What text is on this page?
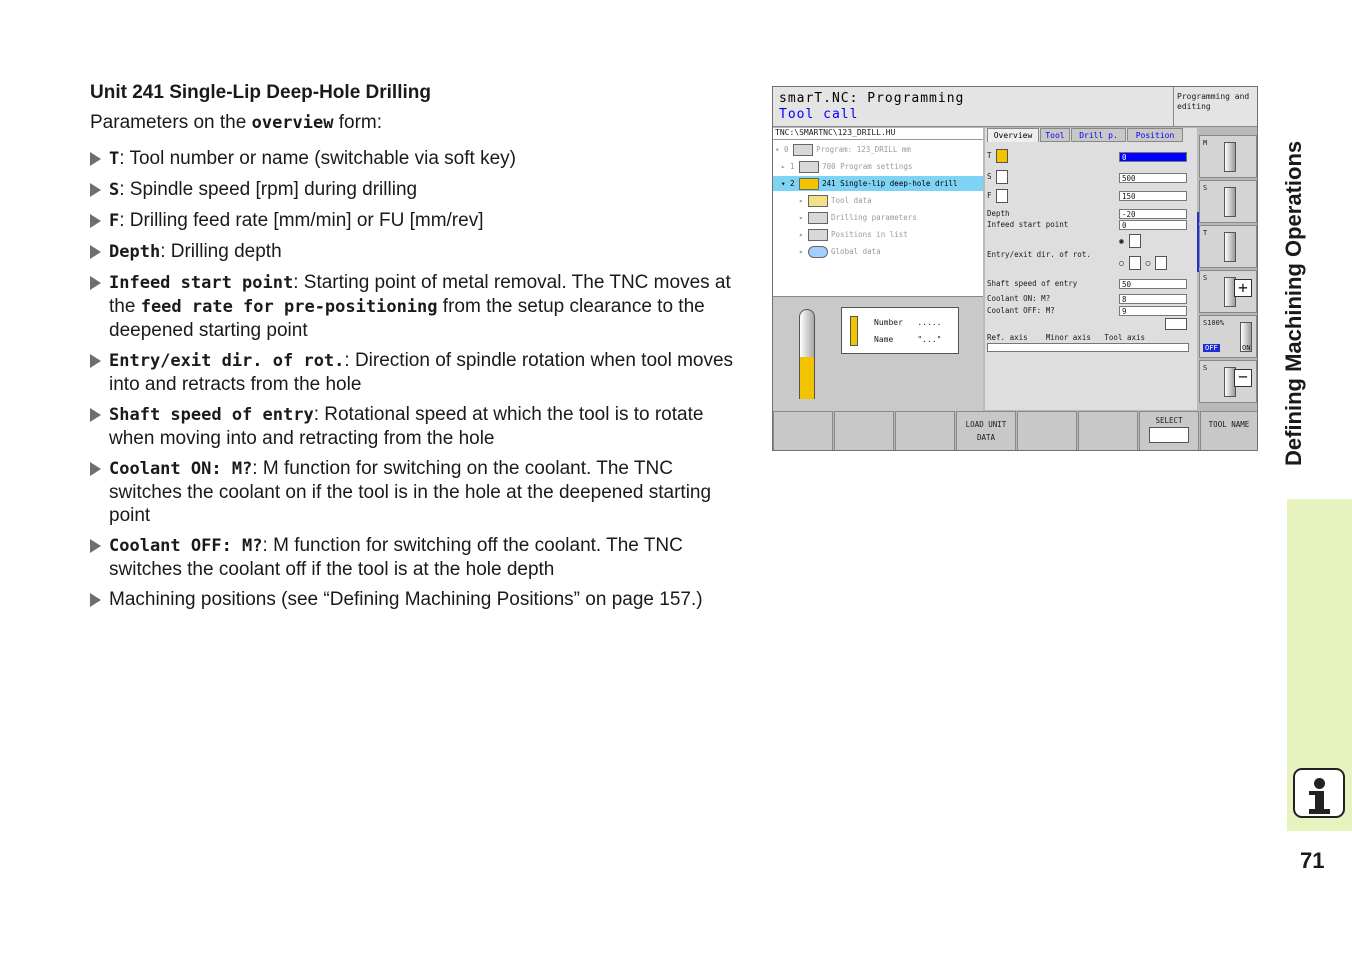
Unit 241 Single-Lip Deep-Hole Drilling
Parameters on the overview form:
T: Tool number or name (switchable via soft key)
S: Spindle speed [rpm] during drilling
F: Drilling feed rate [mm/min] or FU [mm/rev]
Depth: Drilling depth
Infeed start point: Starting point of metal removal. The TNC moves at the feed rate for pre-positioning from the setup clearance to the deepened starting point
Entry/exit dir. of rot.: Direction of spindle rotation when tool moves into and retracts from the hole
Shaft speed of entry: Rotational speed at which the tool is to rotate when moving into and retracting from the hole
Coolant ON: M?: M function for switching on the coolant. The TNC switches the coolant on if the tool is in the hole at the deepened starting point
Coolant OFF: M?: M function for switching off the coolant. The TNC switches the coolant off if the tool is at the hole depth
Machining positions (see “Defining Machining Positions” on page 157.)
smarT.NC: Programming
Tool call
Programming and editing
TNC:\SMARTNC\123_DRILL.HU
▾ 0	Program: 123_DRILL mm
▸ 1	700 Program settings
▾ 2	241 Single-lip deep-hole drill
▸	Tool data
▸	Drilling parameters
▸	Positions in list
▸	Global data
Number .....
Name	"..."
Overview	Tool	Drill p.	Position
T	0
S	500
F	150
Depth	-20
Infeed start point	0
Entry/exit dir. of rot.
◉
○  ○
Shaft speed of entry	50
Coolant ON: M?	8
Coolant OFF: M?	9
Ref. axis Minor axis Tool axis
M
S
T
S +
S100%
OFF	ON
S −
LOAD UNIT DATA
SELECT	TOOL NAME	Defining Machining Operations
71
